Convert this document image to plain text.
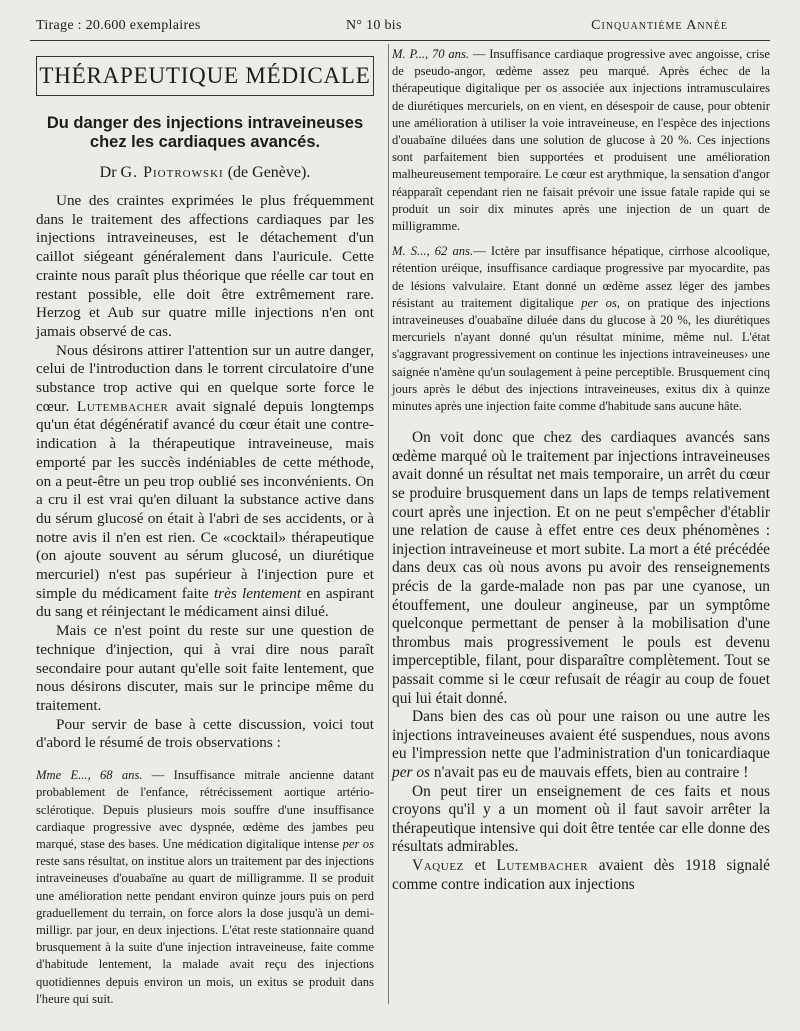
Tirage : 20.600 exemplaires	N° 10 bis	Cinquantième Année
THÉRAPEUTIQUE MÉDICALE
Du danger des injections intraveineuses
chez les cardiaques avancés.
Dr G. Piotrowski (de Genève).

Une des craintes exprimées le plus fréquemment dans le traitement des affections cardiaques par les injections intraveineuses, est le détachement d'un caillot siégeant généralement dans l'auricule. Cette crainte nous paraît plus théorique que réelle car tout en restant possible, elle doit être extrêmement rare. Herzog et Aub sur quatre mille injections n'en ont jamais observé de cas.

Nous désirons attirer l'attention sur un autre danger, celui de l'introduction dans le torrent circulatoire d'une substance trop active qui en quelque sorte force le cœur. Lutembacher avait signalé depuis longtemps qu'un état dégénératif avancé du cœur était une contre-indication à la thérapeutique intraveineuse, mais emporté par les succès indéniables de cette méthode, on a peut-être un peu trop oublié ses inconvénients. On a cru il est vrai qu'en diluant la substance active dans du sérum glucosé on était à l'abri de ses accidents, or à notre avis il n'en est rien. Ce «cocktail» thérapeutique (on ajoute souvent au sérum glucosé, un diurétique mercuriel) n'est pas supérieur à l'injection pure et simple du médicament faite très lentement en aspirant du sang et réinjectant le médicament ainsi dilué.

Mais ce n'est point du reste sur une question de technique d'injection, qui à vrai dire nous paraît secondaire pour autant qu'elle soit faite lentement, que nous désirons discuter, mais sur le principe même du traitement.

Pour servir de base à cette discussion, voici tout d'abord le résumé de trois observations :

Mme E..., 68 ans. — Insuffisance mitrale ancienne datant probablement de l'enfance, rétrécissement aortique artério-sclérotique. Depuis plusieurs mois souffre d'une insuffisance cardiaque progressive avec dyspnée, œdème des jambes peu marqué, stase des bases. Une médication digitalique intense per os reste sans résultat, on institue alors un traitement par des injections intraveineuses d'ouabaïne au quart de milligramme. Il se produit une amélioration nette pendant environ quinze jours puis on perd graduellement du terrain, on force alors la dose jusqu'à un demi-milligr. par jour, en deux injections. L'état reste stationnaire quand brusquement à la suite d'une injection intraveineuse, faite comme d'habitude lentement, la malade avait reçu des injections quotidiennes depuis environ un mois, un exitus se produit dans l'heure qui suit.

M. P..., 70 ans. — Insuffisance cardiaque progressive avec angoisse, crise de pseudo-angor, œdème assez peu marqué. Après échec de la thérapeutique digitalique per os associée aux injections intramusculaires de diurétiques mercuriels, on en vient, en désespoir de cause, pour obtenir une amélioration à utiliser la voie intraveineuse, en l'espèce des injections d'ouabaïne diluées dans une solution de glucose à 20 %. Ces injections sont parfaitement bien supportées et produisent une amélioration malheureusement temporaire. Le cœur est arythmique, la sensation d'angor réapparaît cependant rien ne faisait prévoir une issue fatale rapide qui se produit un soir dix minutes après une injection de un quart de milligramme.

M. S..., 62 ans.— Ictère par insuffisance hépatique, cirrhose alcoolique, rétention uréique, insuffisance cardiaque progressive par myocardite, pas de lésions valvulaire. Etant donné un œdème assez léger des jambes résistant au traitement digitalique per os, on pratique des injections intraveineuses d'ouabaïne diluée dans du glucose à 20 %, les diurétiques mercuriels n'ayant donné qu'un résultat minime, même nul. L'état s'aggravant progressivement on continue les injections intraveineuses› une saignée n'amène qu'un soulagement à peine perceptible. Brusquement cinq jours après le début des injections intraveineuses, exitus dix à quinze minutes après une injection faite comme d'habitude sans aucune hâte.

On voit donc que chez des cardiaques avancés sans œdème marqué où le traitement par injections intraveineuses avait donné un résultat net mais temporaire, un arrêt du cœur se produire brusquement dans un laps de temps relativement court après une injection. Et on ne peut s'empêcher d'établir une relation de cause à effet entre ces deux phénomènes : injection intraveineuse et mort subite. La mort a été précédée dans deux cas où nous avons pu avoir des renseignements précis de la garde-malade non pas par une cyanose, un étouffement, une douleur angineuse, par un symptôme quelconque permettant de penser à la mobilisation d'une thrombus mais progressivement le pouls est devenu imperceptible, filant, pour disparaître complètement. Tout se passait comme si le cœur refusait de réagir au coup de fouet qui lui était donné.

Dans bien des cas où pour une raison ou une autre les injections intraveineuses avaient été suspendues, nous avons eu l'impression nette que l'administration d'un tonicardiaque per os n'avait pas eu de mauvais effets, bien au contraire !

On peut tirer un enseignement de ces faits et nous croyons qu'il y a un moment où il faut savoir arrêter la thérapeutique intensive qui doit être tentée car elle donne des résultats admirables.

Vaquez et Lutembacher avaient dès 1918 signalé comme contre indication aux injections
